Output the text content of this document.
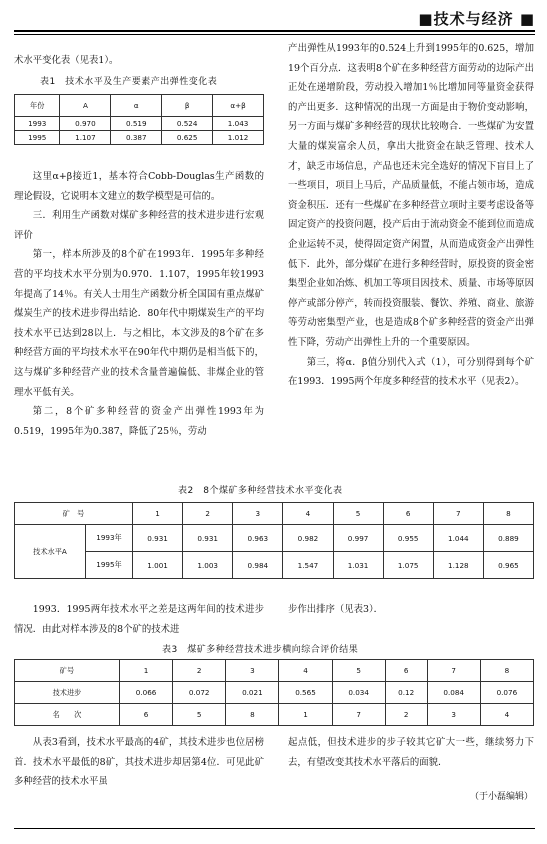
■技术与经济 ■

术水平变化表（见表1）。

表1　技术水平及生产要素产出弹性变化表
年份	A	α	β	α+β
1993	0.970	0.519	0.524	1.043
1995	1.107	0.387	0.625	1.012

这里α+β接近1，基本符合Cobb-Douglas生产函数的理论假设，它说明本文建立的数学模型是可信的。

三．利用生产函数对煤矿多种经营的技术进步进行宏观评价

第一，样本所涉及的8个矿在1993年．1995年多种经营的平均技术水平分别为0.970．1.107，1995年较1993年提高了14％。有关人士用生产函数分析全国国有重点煤矿煤炭生产的技术进步得出结论．80年代中期煤炭生产的平均技术水平已达到28以上．与之相比，本文涉及的8个矿在多种经营方面的平均技术水平在90年代中期仍是相当低下的，这与煤矿多种经营产业的技术含量普遍偏低、非煤企业的管理水平低有关。

第二，8个矿多种经营的资金产出弹性1993年为0.519，1995年为0.387，降低了25％，劳动

产出弹性从1993年的0.524上升到1995年的0.625，增加19个百分点．这表明8个矿在多种经营方面劳动的边际产出正处在递增阶段，劳动投入增加1％比增加同等量资金获得的产出更多．这种情况的出现一方面是由于物价变动影响，另一方面与煤矿多种经营的现状比较吻合．一些煤矿为安置大量的煤炭富余人员，拿出大批资金在缺乏管理、技术人才，缺乏市场信息，产品也还未完全选好的情况下盲目上了一些项目，项目上马后，产品质量低，不能占领市场，造成资金积压．还有一些煤矿在多种经营立项时主要考虑设备等固定资产的投资问题，投产后由于流动资金不能到位而造成企业运转不灵，使得固定资产闲置，从而造成资金产出弹性低下．此外，部分煤矿在进行多种经营时，原投资的资金密集型企业如冶炼、机加工等项目因技术、质量、市场等原因停产或部分停产，转而投资服装、餐饮、养殖、商业、旅游等劳动密集型产业，也是造成8个矿多种经营的资金产出弹性下降，劳动产出弹性上升的一个重要原因。

第三，将α．β值分别代入式（1），可分别得到每个矿在1993．1995两个年度多种经营的技术水平（见表2）。

表2　8个煤矿多种经营技术水平变化表
矿　号		1	2	3	4	5	6	7	8
技术水平A	1993年	0.931	0.931	0.963	0.982	0.997	0.955	1.044	0.889
	1995年	1.001	1.003	0.984	1.547	1.031	1.075	1.128	0.965

1993．1995两年技术水平之差是这两年间的技术进步情况．由此对样本涉及的8个矿的技术进

步作出排序（见表3）．

表3　煤矿多种经营技术进步横向综合评价结果
矿号	1	2	3	4	5	6	7	8
技术进步	0.066	0.072	0.021	0.565	0.034	0.12	0.084	0.076
名　　次	6	5	8	1	7	2	3	4

从表3看到，技术水平最高的4矿，其技术进步也位居榜首．技术水平最低的8矿，其技术进步却居第4位．可见此矿多种经营的技术水平虽

起点低，但技术进步的步子较其它矿大一些，继续努力下去，有望改变其技术水平落后的面貌．

（于小磊编辑）
